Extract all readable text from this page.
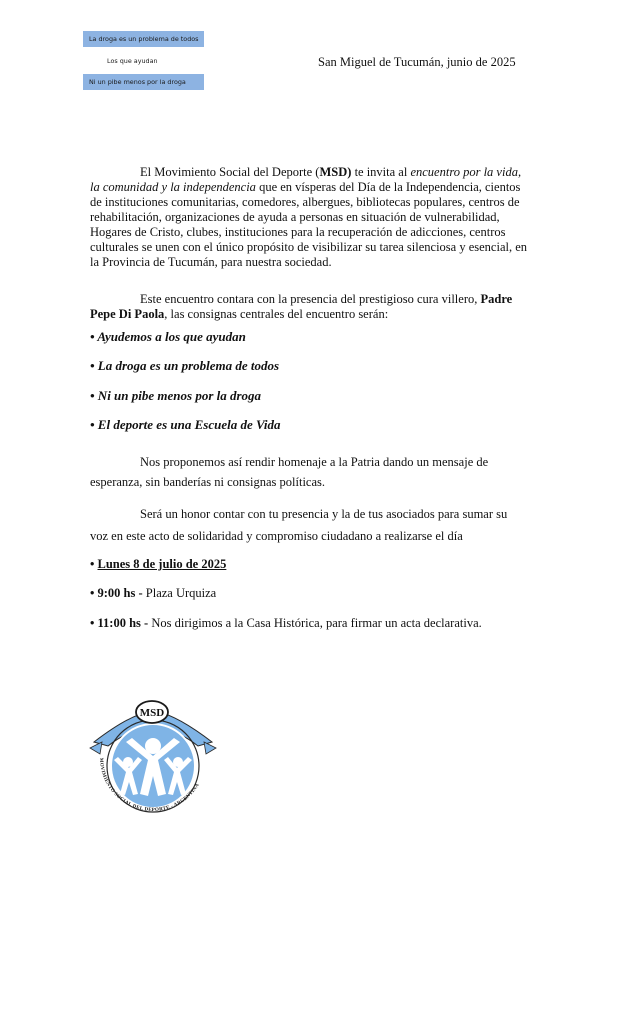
La droga es un problema de todos
Los que ayudan
Ni un pibe menos por la droga
San Miguel de Tucumán, junio de 2025
El Movimiento Social del Deporte (MSD) te invita al encuentro por la vida, la comunidad y la independencia que en vísperas del Día de la Independencia, cientos de instituciones comunitarias, comedores, albergues, bibliotecas populares, centros de rehabilitación, organizaciones de ayuda a personas en situación de vulnerabilidad, Hogares de Cristo, clubes, instituciones para la recuperación de adicciones, centros culturales se unen con el único propósito de visibilizar su tarea silenciosa y esencial, en la Provincia de Tucumán, para nuestra sociedad.
Este encuentro contara con la presencia del prestigioso cura villero, Padre Pepe Di Paola, las consignas centrales del encuentro serán:
• Ayudemos a los que ayudan
• La droga es un problema de todos
• Ni un pibe menos por la droga
• El deporte es una Escuela de Vida
Nos proponemos así rendir homenaje a la Patria dando un mensaje de esperanza, sin banderías ni consignas políticas.
Será un honor contar con tu presencia y la de tus asociados para sumar su voz en este acto de solidaridad y compromiso ciudadano a realizarse el día
• Lunes 8 de julio de 2025
• 9:00 hs - Plaza Urquiza
• 11:00 hs - Nos dirigimos a la Casa Histórica, para firmar un acta declarativa.
MSD
MOVIMIENTO SOCIAL DEL DEPORTE - ARGENTINA
